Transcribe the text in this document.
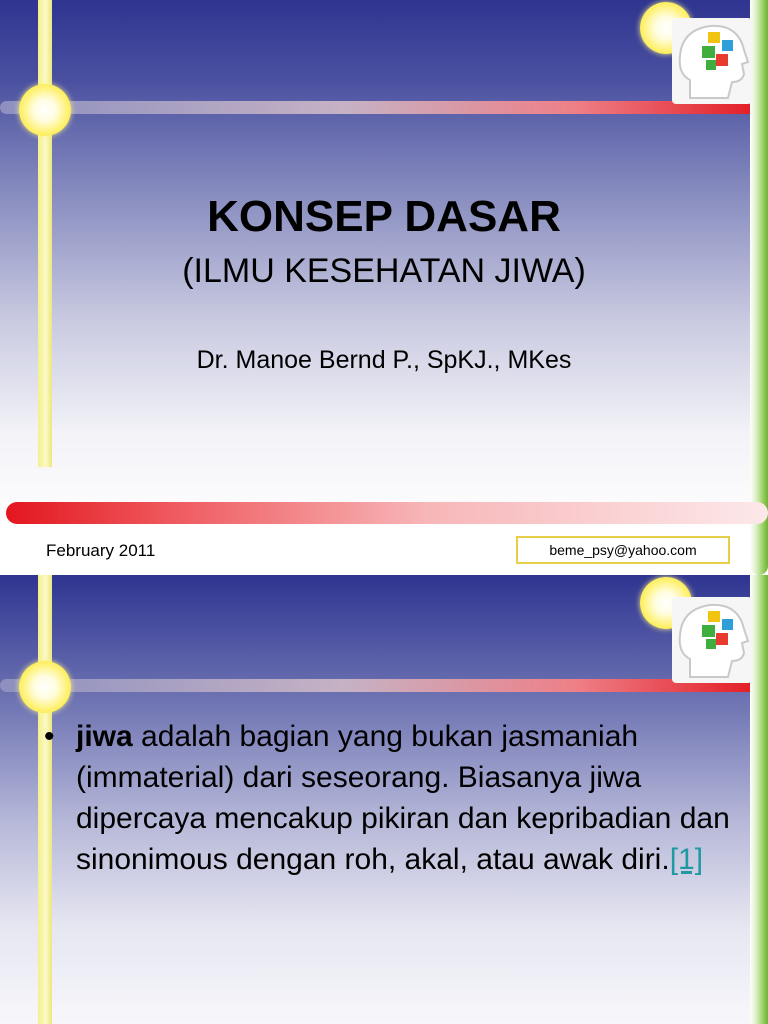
KONSEP DASAR
(ILMU KESEHATAN JIWA)
Dr. Manoe Bernd P., SpKJ., MKes
February 2011	beme_psy@yahoo.com
• jiwa adalah bagian yang bukan jasmaniah (immaterial) dari seseorang. Biasanya jiwa dipercaya mencakup pikiran dan kepribadian dan sinonimous dengan roh, akal, atau awak diri.[1]
